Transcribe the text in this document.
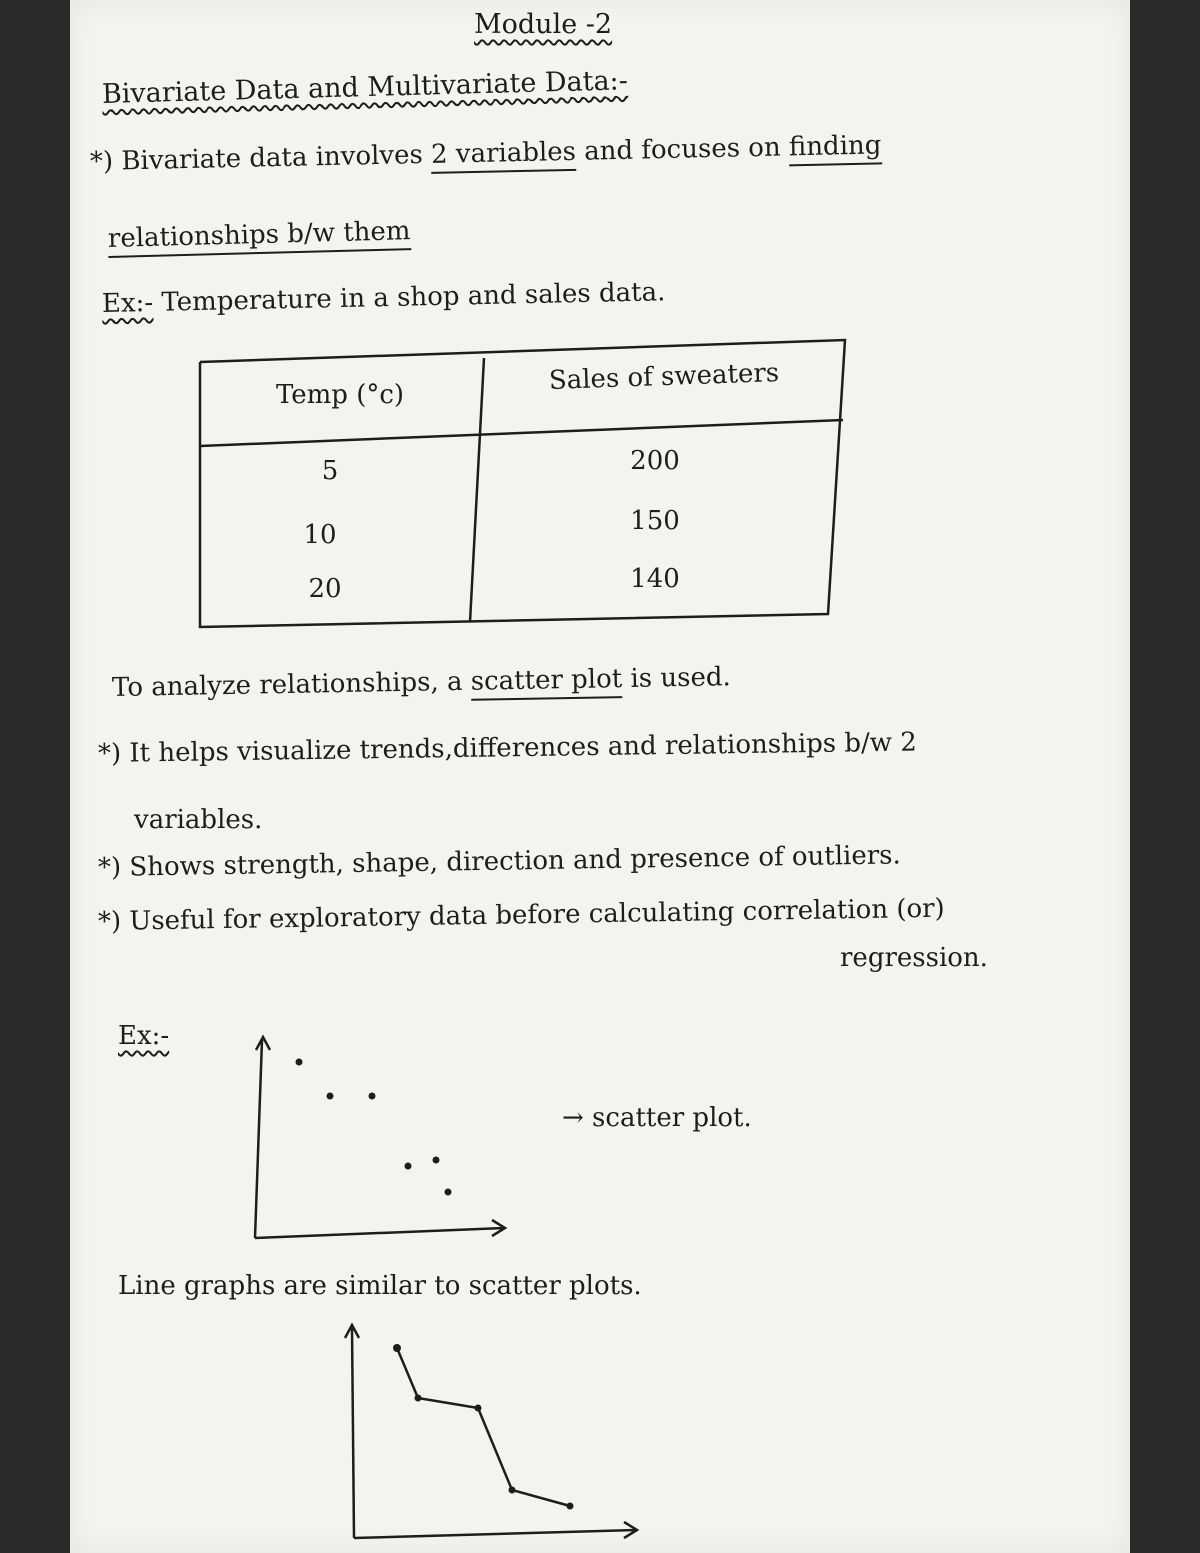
Module -2
Bivariate Data and Multivariate Data:-
*) Bivariate data involves 2 variables and focuses on finding
relationships b/w them
Ex:- Temperature in a shop and sales data.
Temp (°c)	Sales of sweaters
5	200
10	150
20	140
To analyze relationships, a scatter plot is used.
*) It helps visualize trends,differences and relationships b/w 2
variables.
*) Shows strength, shape, direction and presence of outliers.
*) Useful for exploratory data before calculating correlation (or)
regression.
Ex:-
→ scatter plot.
Line graphs are similar to scatter plots.
